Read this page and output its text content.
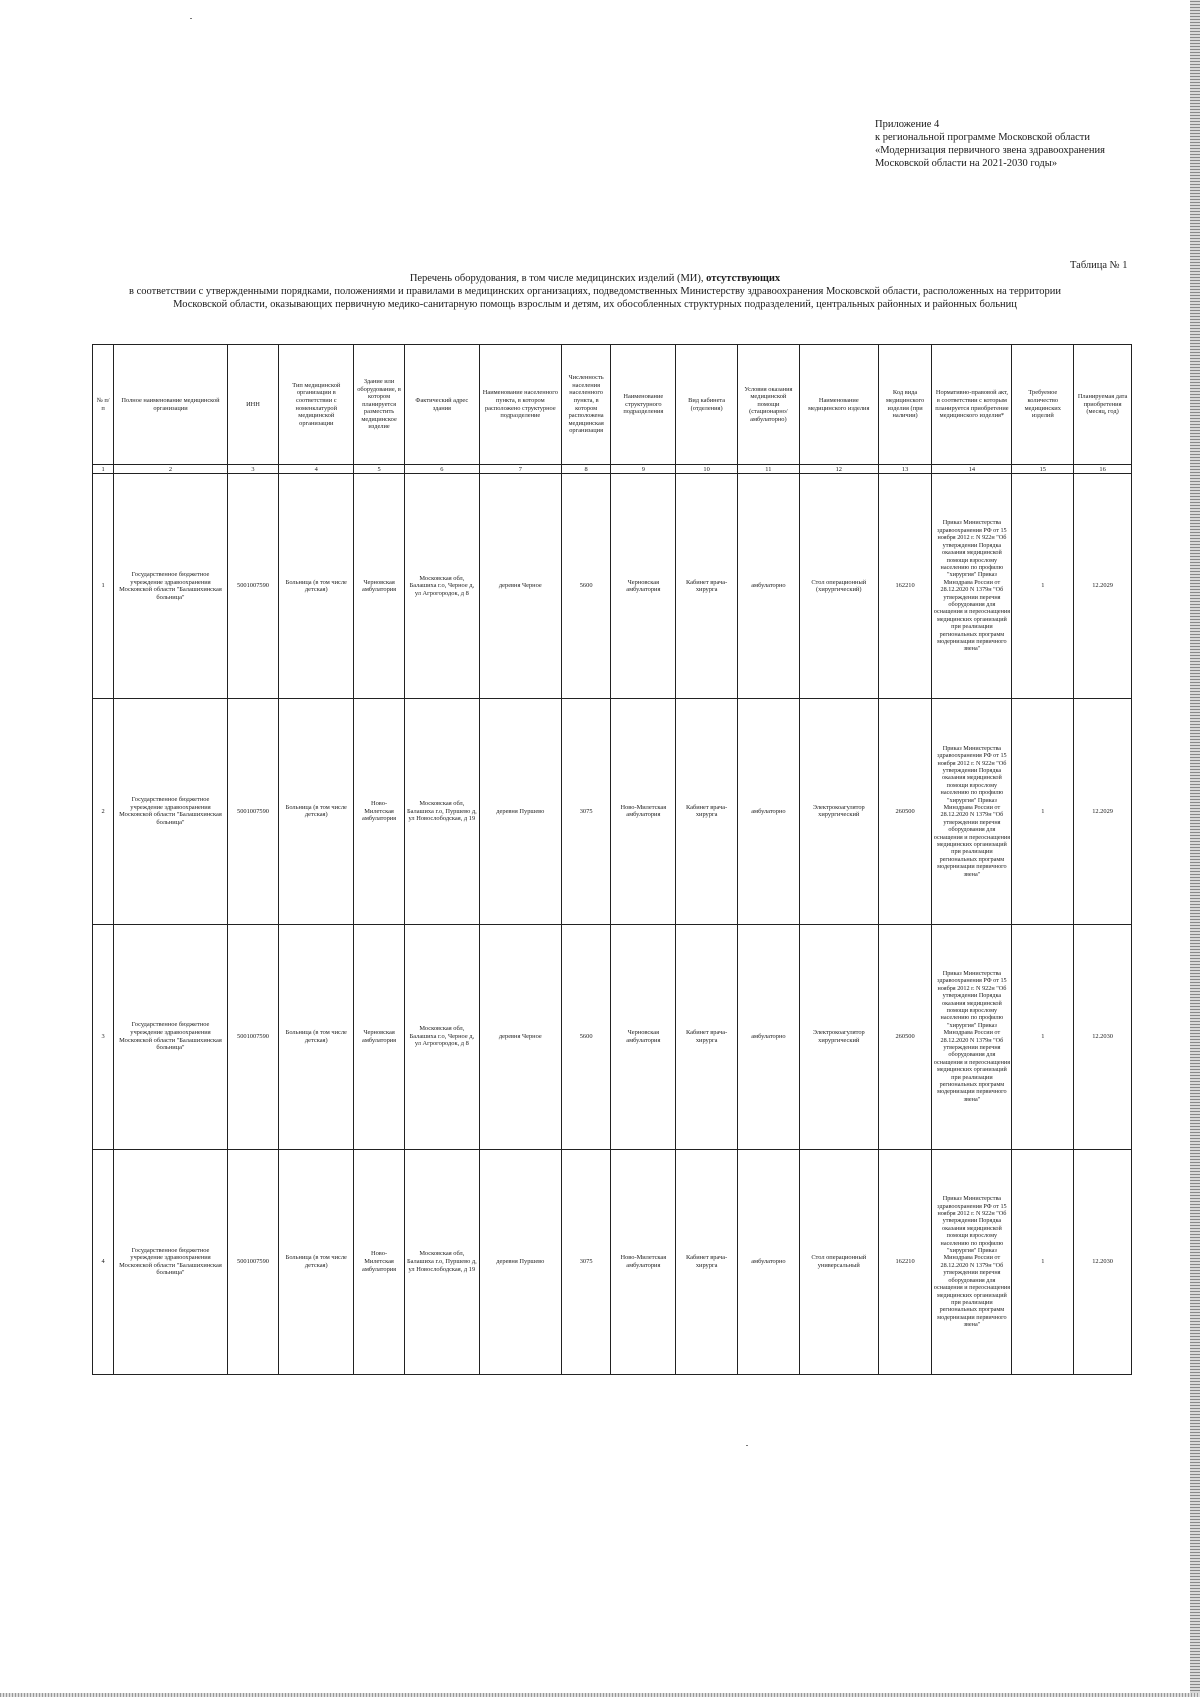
Приложение 4
к региональной программе Московской области
«Модернизация первичного звена здравоохранения
Московской области на 2021-2030 годы»
Таблица № 1
Перечень оборудования, в том числе медицинских изделий (МИ), отсутствующих
в соответствии с утвержденными порядками, положениями и правилами в медицинских организациях, подведомственных Министерству здравоохранения Московской области, расположенных на территории
Московской области, оказывающих первичную медико-санитарную помощь взрослым и детям, их обособленных структурных подразделений, центральных районных и районных больниц
№ п/п	Полное наименование медицинской организации	ИНН	Тип медицинской организации в соответствии с номенклатурой медицинской организации	Здание или оборудование, в котором планируется разместить медицинское изделие	Фактический адрес здания	Наименование населенного пункта, в котором расположено структурное подразделение	Численность населения населенного пункта, в котором расположена медицинская организация	Наименование структурного подразделения	Вид кабинета (отделения)	Условия оказания медицинской помощи (стационарно/амбулаторно)	Наименование медицинского изделия	Код вида медицинского изделия (при наличии)	Нормативно-правовой акт, в соответствии с которым планируется приобретение медицинского изделия*	Требуемое количество медицинских изделий	Планируемая дата приобретения (месяц, год)
1	2	3	4	5	6	7	8	9	10	11	12	13	14	15	16
1	Государственное бюджетное учреждение здравоохранения Московской области "Балашихинская больница"	5001007590	Больница (в том числе детская)	Черновская амбулатория	Московская обл, Балашиха г.о, Черное д, ул Агрогородок, д 8	деревня Черное	5600	Черновская амбулатория	Кабинет врача-хирурга	амбулаторно	Стол операционный (хирургический)	162210	Приказ Министерства здравоохранения РФ от 15 ноября 2012 г. N 922н "Об утверждении Порядка оказания медицинской помощи взрослому населению по профилю "хирургия" Приказ Минздрава России от 28.12.2020 N 1379н "Об утверждении перечня оборудования для оснащения и переоснащения медицинских организаций при реализации региональных программ модернизации первичного звена"	1	12.2029
2	Государственное бюджетное учреждение здравоохранения Московской области "Балашихинская больница"	5001007590	Больница (в том числе детская)	Ново-Милетская амбулатория	Московская обл, Балашиха г.о, Пуршево д, ул Новослободская, д 19	деревня Пуршево	3075	Ново-Милетская амбулатория	Кабинет врача-хирурга	амбулаторно	Электрокоагулятор хирургический	260500	Приказ Министерства здравоохранения РФ от 15 ноября 2012 г. N 922н "Об утверждении Порядка оказания медицинской помощи взрослому населению по профилю "хирургия" Приказ Минздрава России от 28.12.2020 N 1379н "Об утверждении перечня оборудования для оснащения и переоснащения медицинских организаций при реализации региональных программ модернизации первичного звена"	1	12.2029
3	Государственное бюджетное учреждение здравоохранения Московской области "Балашихинская больница"	5001007590	Больница (в том числе детская)	Черновская амбулатория	Московская обл, Балашиха г.о, Черное д, ул Агрогородок, д 8	деревня Черное	5600	Черновская амбулатория	Кабинет врача-хирурга	амбулаторно	Электрокоагулятор хирургический	260500	Приказ Министерства здравоохранения РФ от 15 ноября 2012 г. N 922н "Об утверждении Порядка оказания медицинской помощи взрослому населению по профилю "хирургия" Приказ Минздрава России от 28.12.2020 N 1379н "Об утверждении перечня оборудования для оснащения и переоснащения медицинских организаций при реализации региональных программ модернизации первичного звена"	1	12.2030
4	Государственное бюджетное учреждение здравоохранения Московской области "Балашихинская больница"	5001007590	Больница (в том числе детская)	Ново-Милетская амбулатория	Московская обл, Балашиха г.о, Пуршево д, ул Новослободская, д 19	деревня Пуршево	3075	Ново-Милетская амбулатория	Кабинет врача-хирурга	амбулаторно	Стол операционный универсальный	162210	Приказ Министерства здравоохранения РФ от 15 ноября 2012 г. N 922н "Об утверждении Порядка оказания медицинской помощи взрослому населению по профилю "хирургия" Приказ Минздрава России от 28.12.2020 N 1379н "Об утверждении перечня оборудования для оснащения и переоснащения медицинских организаций при реализации региональных программ модернизации первичного звена"	1	12.2030
